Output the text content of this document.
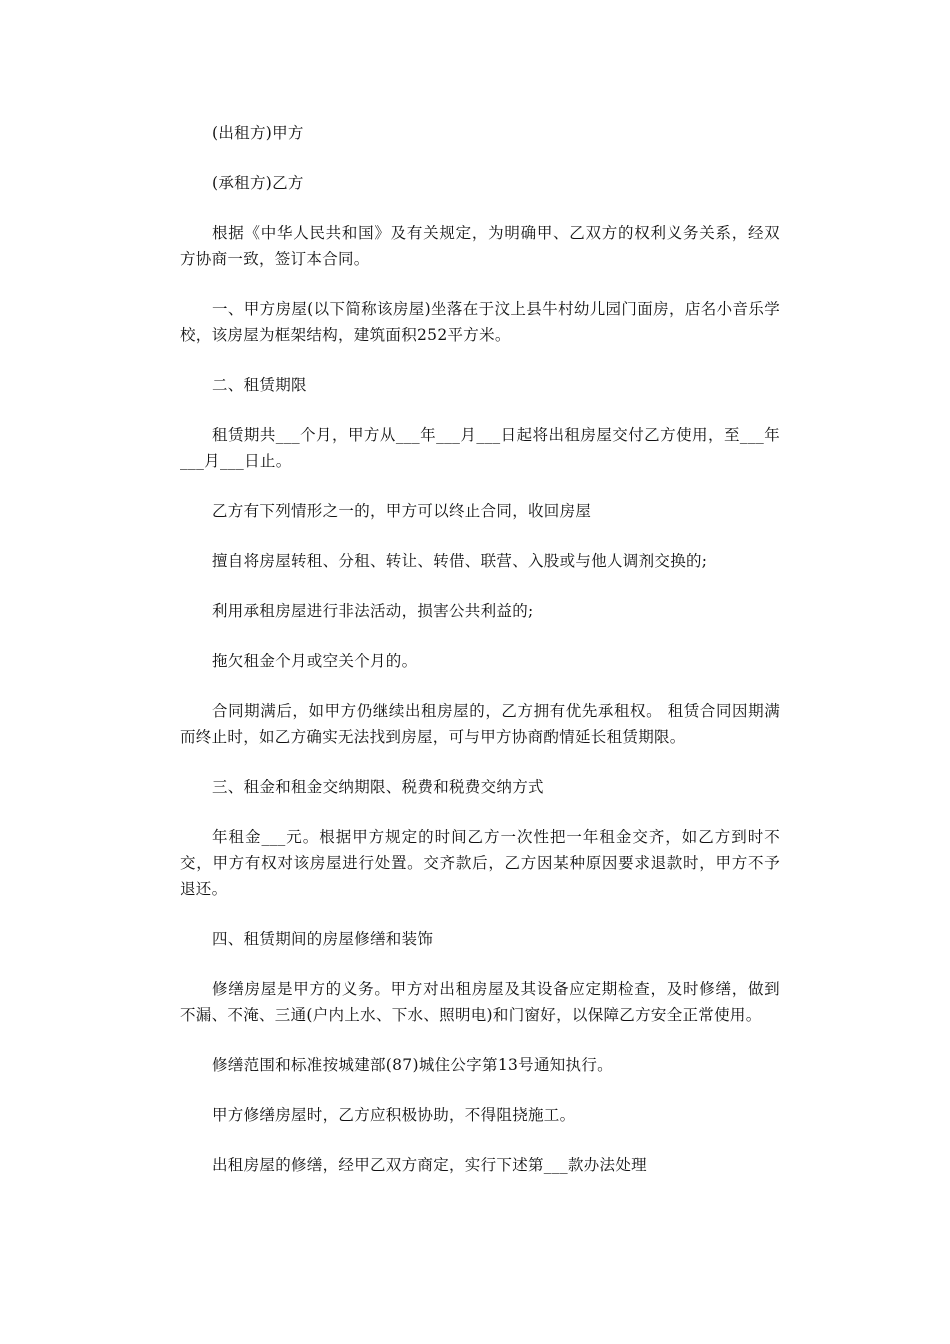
(出租方)甲方

(承租方)乙方

根据《中华人民共和国》及有关规定，为明确甲、乙双方的权利义务关系，经双方协商一致，签订本合同。

一、甲方房屋(以下简称该房屋)坐落在于汶上县牛村幼儿园门面房，店名小音乐学校，该房屋为框架结构，建筑面积252平方米。

二、租赁期限

租赁期共___个月，甲方从___年___月___日起将出租房屋交付乙方使用，至___年___月___日止。

乙方有下列情形之一的，甲方可以终止合同，收回房屋

擅自将房屋转租、分租、转让、转借、联营、入股或与他人调剂交换的;

利用承租房屋进行非法活动，损害公共利益的;

拖欠租金个月或空关个月的。

合同期满后，如甲方仍继续出租房屋的，乙方拥有优先承租权。 租赁合同因期满而终止时，如乙方确实无法找到房屋，可与甲方协商酌情延长租赁期限。

三、租金和租金交纳期限、税费和税费交纳方式

年租金___元。根据甲方规定的时间乙方一次性把一年租金交齐，如乙方到时不交，甲方有权对该房屋进行处置。交齐款后，乙方因某种原因要求退款时，甲方不予退还。

四、租赁期间的房屋修缮和装饰

修缮房屋是甲方的义务。甲方对出租房屋及其设备应定期检查，及时修缮，做到不漏、不淹、三通(户内上水、下水、照明电)和门窗好，以保障乙方安全正常使用。

修缮范围和标准按城建部(87)城住公字第13号通知执行。

甲方修缮房屋时，乙方应积极协助，不得阻挠施工。

出租房屋的修缮，经甲乙双方商定，实行下述第___款办法处理
